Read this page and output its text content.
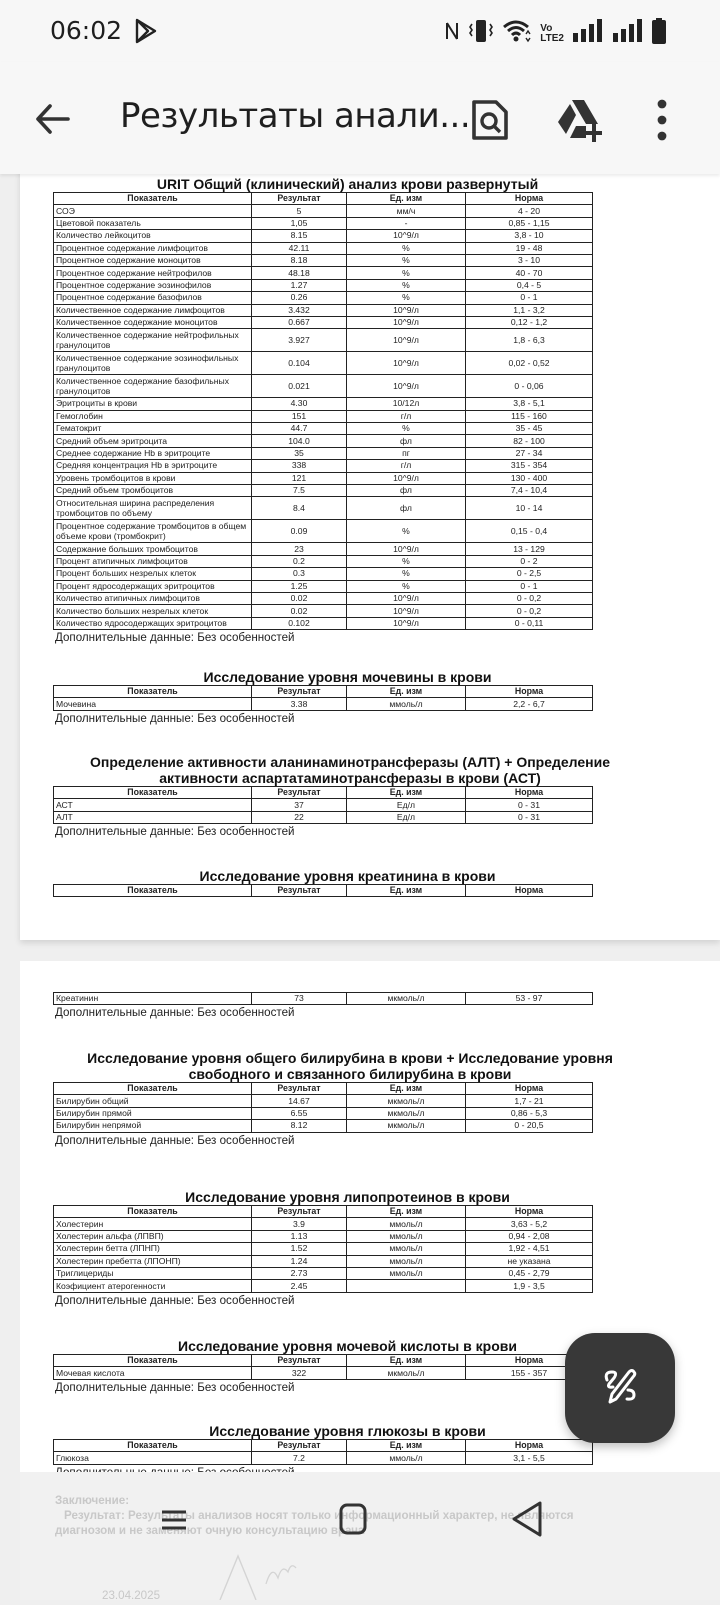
06:02	Vo
LTE2
Результаты анали...
URIT Общий (клинический) анализ крови развернутый
Показатель	Результат	Ед. изм	Норма
СОЭ	5	мм/ч	4 - 20
Цветовой показатель	1,05	-	0,85 - 1,15
Количество лейкоцитов	8.15	10^9/л	3,8 - 10
Процентное содержание лимфоцитов	42.11	%	19 - 48
Процентное содержание моноцитов	8.18	%	3 - 10
Процентное содержание нейтрофилов	48.18	%	40 - 70
Процентное содержание эозинофилов	1.27	%	0,4 - 5
Процентное содержание базофилов	0.26	%	0 - 1
Количественное содержание лимфоцитов	3.432	10^9/л	1,1 - 3,2
Количественное содержание моноцитов	0.667	10^9/л	0,12 - 1,2
Количественное содержание нейтрофильных гранулоцитов	3.927	10^9/л	1,8 - 6,3
Количественное содержание эозинофильных гранулоцитов	0.104	10^9/л	0,02 - 0,52
Количественное содержание базофильных гранулоцитов	0.021	10^9/л	0 - 0,06
Эритроциты в крови	4.30	10/12л	3,8 - 5,1
Гемоглобин	151	г/л	115 - 160
Гематокрит	44.7	%	35 - 45
Средний объем эритроцита	104.0	фл	82 - 100
Среднее содержание Hb в эритроците	35	пг	27 - 34
Средняя концентрация Hb в эритроците	338	г/л	315 - 354
Уровень тромбоцитов в крови	121	10^9/л	130 - 400
Средний объем тромбоцитов	7.5	фл	7,4 - 10,4
Относительная ширина распределения тромбоцитов по объему	8.4	фл	10 - 14
Процентное содержание тромбоцитов в общем объеме крови (тромбокрит)	0.09	%	0,15 - 0,4
Содержание больших тромбоцитов	23	10^9/л	13 - 129
Процент атипичных лимфоцитов	0.2	%	0 - 2
Процент больших незрелых клеток	0.3	%	0 - 2,5
Процент ядросодержащих эритроцитов	1.25	%	0 - 1
Количество атипичных лимфоцитов	0.02	10^9/л	0 - 0,2
Количество больших незрелых клеток	0.02	10^9/л	0 - 0,2
Количество ядросодержащих эритроцитов	0.102	10^9/л	0 - 0,11
Дополнительные данные: Без особенностей
Исследование уровня мочевины в крови
Показатель	Результат	Ед. изм	Норма
Мочевина	3.38	ммоль/л	2,2 - 6,7
Дополнительные данные: Без особенностей
Определение активности аланинаминотрансферазы (АЛТ) + Определение
активности аспартатаминотрансферазы в крови (АСТ)
Показатель	Результат	Ед. изм	Норма
АСТ	37	Ед/л	0 - 31
АЛТ	22	Ед/л	0 - 31
Дополнительные данные: Без особенностей
Исследование уровня креатинина в крови
Показатель	Результат	Ед. изм	Норма
Креатинин	73	мкмоль/л	53 - 97
Дополнительные данные: Без особенностей
Исследование уровня общего билирубина в крови + Исследование уровня
свободного и связанного билирубина в крови
Показатель	Результат	Ед. изм	Норма
Билирубин общий	14.67	мкмоль/л	1,7 - 21
Билирубин прямой	6.55	мкмоль/л	0,86 - 5,3
Билирубин непрямой	8.12	мкмоль/л	0 - 20,5
Дополнительные данные: Без особенностей
Исследование уровня липопротеинов в крови
Показатель	Результат	Ед. изм	Норма
Холестерин	3.9	ммоль/л	3,63 - 5,2
Холестерин альфа (ЛПВП)	1.13	ммоль/л	0,94 - 2,08
Холестерин бетта (ЛПНП)	1.52	ммоль/л	1,92 - 4,51
Холестерин пребетта (ЛПОНП)	1.24	ммоль/л	не указана
Триглицериды	2.73	ммоль/л	0,45 - 2,79
Коэфициент атерогенности	2.45		1,9 - 3,5
Дополнительные данные: Без особенностей
Исследование уровня мочевой кислоты в крови
Показатель	Результат	Ед. изм	Норма
Мочевая кислота	322	мкмоль/л	155 - 357
Дополнительные данные: Без особенностей
Исследование уровня глюкозы в крови
Показатель	Результат	Ед. изм	Норма
Глюкоза	7.2	ммоль/л	3,1 - 5,5
Заключение:
Результат: Результаты анализов носят только информационный характер, не являются
диагнозом и не заменяют очную консультацию врача
23.04.2025
